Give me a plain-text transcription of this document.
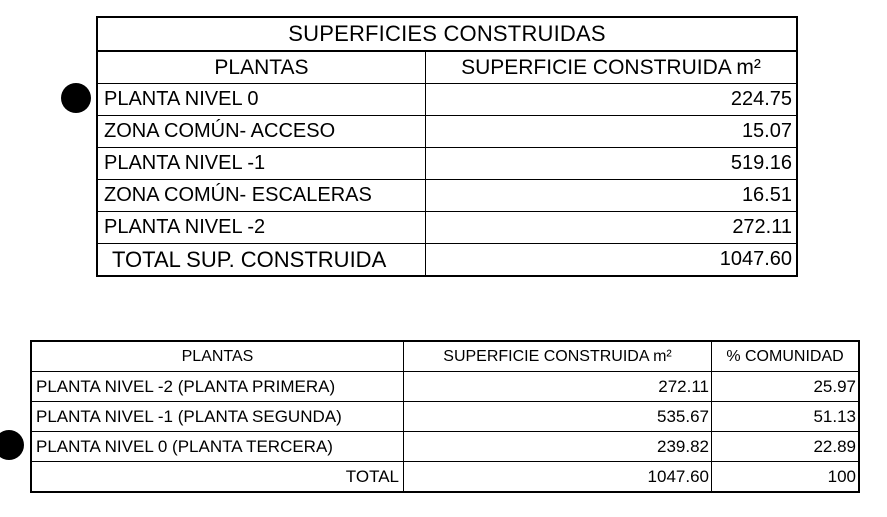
SUPERFICIES CONSTRUIDAS
PLANTAS	SUPERFICIE CONSTRUIDA m²
PLANTA NIVEL 0	224.75
ZONA COMÚN- ACCESO	15.07
PLANTA NIVEL -1	519.16
ZONA COMÚN- ESCALERAS	16.51
PLANTA NIVEL -2	272.11
TOTAL SUP. CONSTRUIDA	1047.60
PLANTAS	SUPERFICIE CONSTRUIDA m²	% COMUNIDAD
PLANTA NIVEL -2 (PLANTA PRIMERA)	272.11	25.97
PLANTA NIVEL -1 (PLANTA SEGUNDA)	535.67	51.13
PLANTA NIVEL 0 (PLANTA TERCERA)	239.82	22.89
TOTAL	1047.60	100
